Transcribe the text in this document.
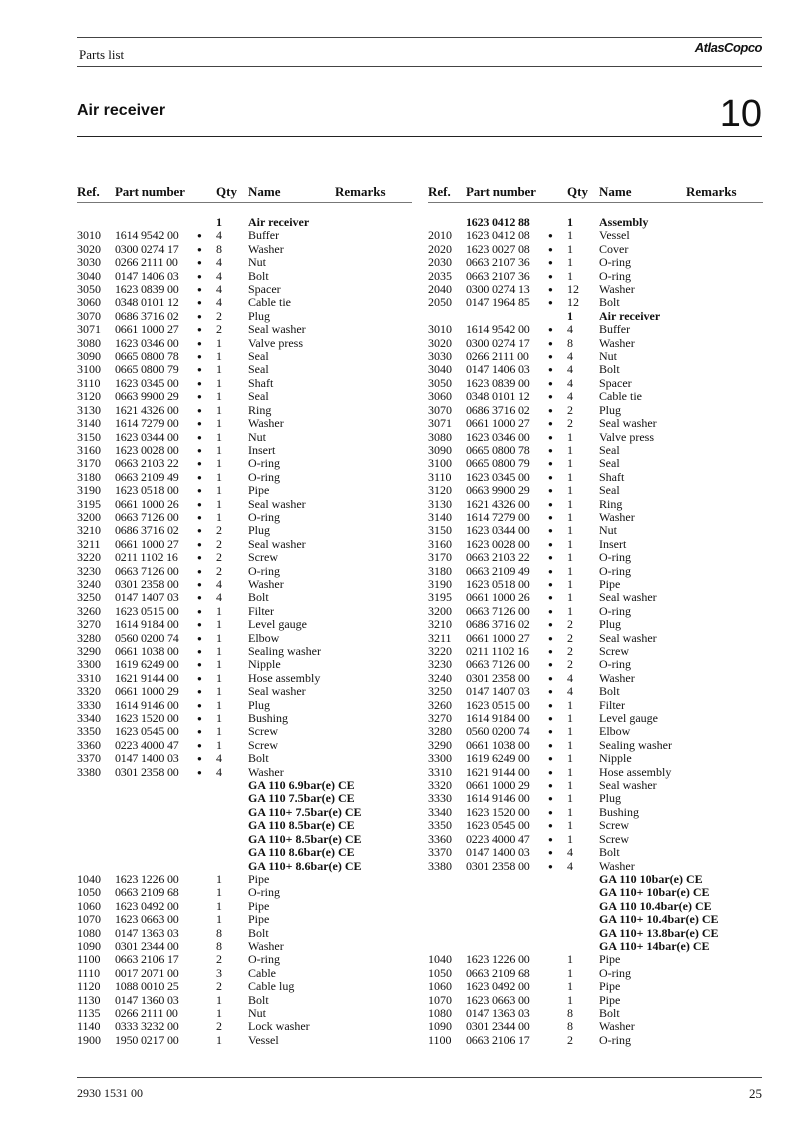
Parts list	AtlasCopco
Air receiver	10
Ref. Part number Qty Name	Remarks
1 Air receiver
3010 1614 9542 00 ● 4 Buffer
3020 0300 0274 17 ● 8 Washer
3030 0266 2111 00 ● 4 Nut
3040 0147 1406 03 ● 4 Bolt
3050 1623 0839 00 ● 4 Spacer
3060 0348 0101 12 ● 4 Cable tie
3070 0686 3716 02 ● 2 Plug
3071 0661 1000 27 ● 2 Seal washer
3080 1623 0346 00 ● 1 Valve press
3090 0665 0800 78 ● 1 Seal
3100 0665 0800 79 ● 1 Seal
3110 1623 0345 00 ● 1 Shaft
3120 0663 9900 29 ● 1 Seal
3130 1621 4326 00 ● 1 Ring
3140 1614 7279 00 ● 1 Washer
3150 1623 0344 00 ● 1 Nut
3160 1623 0028 00 ● 1 Insert
3170 0663 2103 22 ● 1 O-ring
3180 0663 2109 49 ● 1 O-ring
3190 1623 0518 00 ● 1 Pipe
3195 0661 1000 26 ● 1 Seal washer
3200 0663 7126 00 ● 1 O-ring
3210 0686 3716 02 ● 2 Plug
3211 0661 1000 27 ● 2 Seal washer
3220 0211 1102 16 ● 2 Screw
3230 0663 7126 00 ● 2 O-ring
3240 0301 2358 00 ● 4 Washer
3250 0147 1407 03 ● 4 Bolt
3260 1623 0515 00 ● 1 Filter
3270 1614 9184 00 ● 1 Level gauge
3280 0560 0200 74 ● 1 Elbow
3290 0661 1038 00 ● 1 Sealing washer
3300 1619 6249 00 ● 1 Nipple
3310 1621 9144 00 ● 1 Hose assembly
3320 0661 1000 29 ● 1 Seal washer
3330 1614 9146 00 ● 1 Plug
3340 1623 1520 00 ● 1 Bushing
3350 1623 0545 00 ● 1 Screw
3360 0223 4000 47 ● 1 Screw
3370 0147 1400 03 ● 4 Bolt
3380 0301 2358 00 ● 4 Washer
GA 110 6.9bar(e) CE
GA 110 7.5bar(e) CE
GA 110+ 7.5bar(e) CE
GA 110 8.5bar(e) CE
GA 110+ 8.5bar(e) CE
GA 110 8.6bar(e) CE
GA 110+ 8.6bar(e) CE
1040 1623 1226 00	1 Pipe
1050 0663 2109 68	1 O-ring
1060 1623 0492 00	1 Pipe
1070 1623 0663 00	1 Pipe
1080 0147 1363 03	8 Bolt
1090 0301 2344 00	8 Washer
1100 0663 2106 17	2 O-ring
1110 0017 2071 00	3 Cable
1120 1088 0010 25	2 Cable lug
1130 0147 1360 03	1 Bolt
1135 0266 2111 00	1 Nut
1140 0333 3232 00	2 Lock washer
1900 1950 0217 00	1 Vessel
Ref. Part number Qty Name	Remarks
1623 0412 88	1 Assembly
2010 1623 0412 08 ● 1 Vessel
2020 1623 0027 08 ● 1 Cover
2030 0663 2107 36 ● 1 O-ring
2035 0663 2107 36 ● 1 O-ring
2040 0300 0274 13 ● 12 Washer
2050 0147 1964 85 ● 12 Bolt
1 Air receiver
3010 1614 9542 00 ● 4 Buffer
3020 0300 0274 17 ● 8 Washer
3030 0266 2111 00 ● 4 Nut
3040 0147 1406 03 ● 4 Bolt
3050 1623 0839 00 ● 4 Spacer
3060 0348 0101 12 ● 4 Cable tie
3070 0686 3716 02 ● 2 Plug
3071 0661 1000 27 ● 2 Seal washer
3080 1623 0346 00 ● 1 Valve press
3090 0665 0800 78 ● 1 Seal
3100 0665 0800 79 ● 1 Seal
3110 1623 0345 00 ● 1 Shaft
3120 0663 9900 29 ● 1 Seal
3130 1621 4326 00 ● 1 Ring
3140 1614 7279 00 ● 1 Washer
3150 1623 0344 00 ● 1 Nut
3160 1623 0028 00 ● 1 Insert
3170 0663 2103 22 ● 1 O-ring
3180 0663 2109 49 ● 1 O-ring
3190 1623 0518 00 ● 1 Pipe
3195 0661 1000 26 ● 1 Seal washer
3200 0663 7126 00 ● 1 O-ring
3210 0686 3716 02 ● 2 Plug
3211 0661 1000 27 ● 2 Seal washer
3220 0211 1102 16 ● 2 Screw
3230 0663 7126 00 ● 2 O-ring
3240 0301 2358 00 ● 4 Washer
3250 0147 1407 03 ● 4 Bolt
3260 1623 0515 00 ● 1 Filter
3270 1614 9184 00 ● 1 Level gauge
3280 0560 0200 74 ● 1 Elbow
3290 0661 1038 00 ● 1 Sealing washer
3300 1619 6249 00 ● 1 Nipple
3310 1621 9144 00 ● 1 Hose assembly
3320 0661 1000 29 ● 1 Seal washer
3330 1614 9146 00 ● 1 Plug
3340 1623 1520 00 ● 1 Bushing
3350 1623 0545 00 ● 1 Screw
3360 0223 4000 47 ● 1 Screw
3370 0147 1400 03 ● 4 Bolt
3380 0301 2358 00 ● 4 Washer
GA 110 10bar(e) CE
GA 110+ 10bar(e) CE
GA 110 10.4bar(e) CE
GA 110+ 10.4bar(e) CE
GA 110+ 13.8bar(e) CE
GA 110+ 14bar(e) CE
1040 1623 1226 00	1 Pipe
1050 0663 2109 68	1 O-ring
1060 1623 0492 00	1 Pipe
1070 1623 0663 00	1 Pipe
1080 0147 1363 03	8 Bolt
1090 0301 2344 00	8 Washer
1100 0663 2106 17	2 O-ring
2930 1531 00	25
